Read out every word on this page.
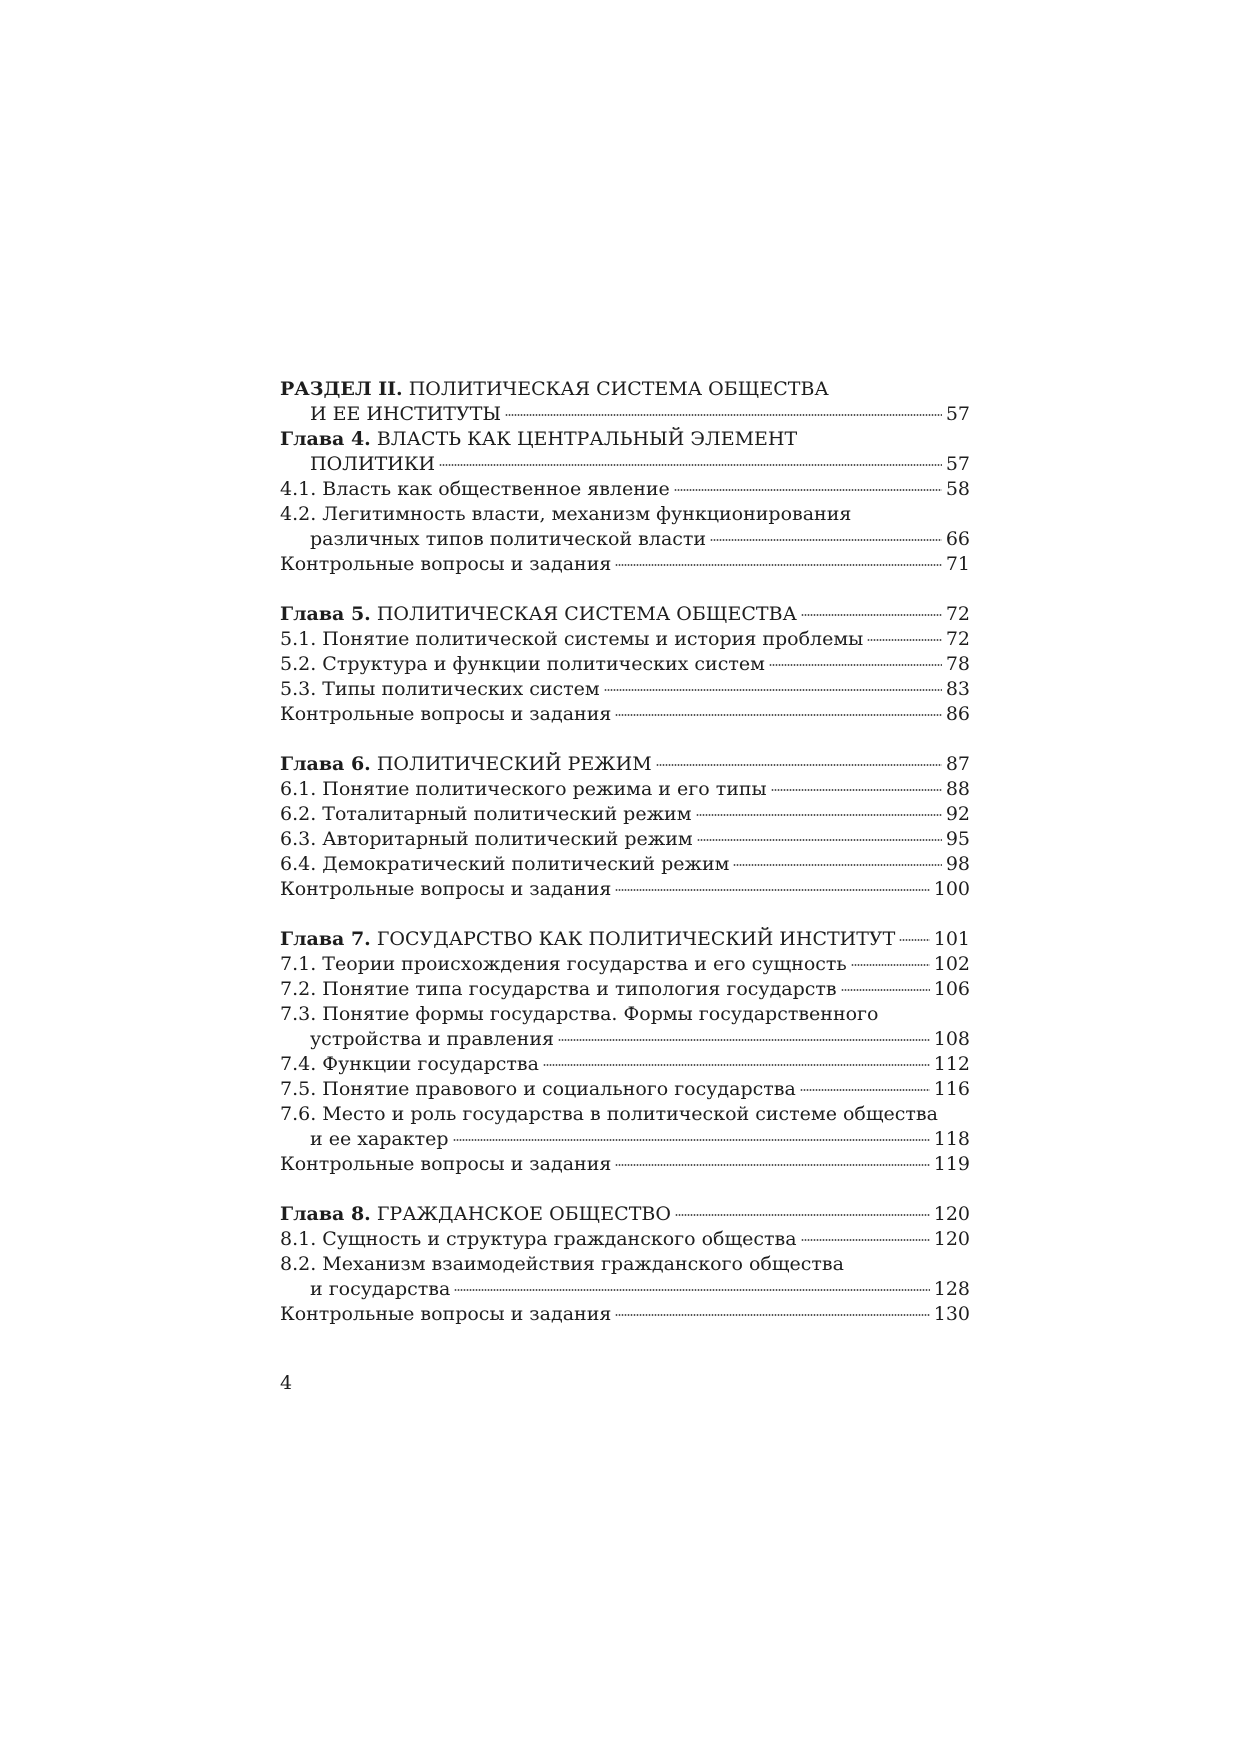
РАЗДЕЛ II.
ПОЛИТИЧЕСКАЯ СИСТЕМА ОБЩЕСТВА
И ЕЕ ИНСТИТУТЫ	57
Глава 4.
ВЛАСТЬ КАК ЦЕНТРАЛЬНЫЙ ЭЛЕМЕНТ
ПОЛИТИКИ	57
4.1. Власть как общественное явление	58
4.2. Легитимность власти, механизм функционирования
различных типов политической власти	66
Контрольные вопросы и задания	71
Глава 5.
ПОЛИТИЧЕСКАЯ СИСТЕМА ОБЩЕСТВА	72
5.1. Понятие политической системы и история проблемы	72
5.2. Структура и функции политических систем	78
5.3. Типы политических систем	83
Контрольные вопросы и задания	86
Глава 6.
ПОЛИТИЧЕСКИЙ РЕЖИМ	87
6.1. Понятие политического режима и его типы	88
6.2. Тоталитарный политический режим	92
6.3. Авторитарный политический режим	95
6.4. Демократический политический режим	98
Контрольные вопросы и задания	100
Глава 7.
ГОСУДАРСТВО КАК ПОЛИТИЧЕСКИЙ ИНСТИТУТ 101
7.1. Теории происхождения государства и его сущность	102
7.2. Понятие типа государства и типология государств	106
7.3. Понятие формы государства. Формы государственного
устройства и правления	108
7.4. Функции государства	112
7.5. Понятие правового и социального государства	116
7.6. Место и роль государства в политической системе общества
и ее характер	118
Контрольные вопросы и задания	119
Глава 8.
ГРАЖДАНСКОЕ ОБЩЕСТВО	120
8.1. Сущность и структура гражданского общества	120
8.2. Механизм взаимодействия гражданского общества
и государства	128
Контрольные вопросы и задания	130
4
